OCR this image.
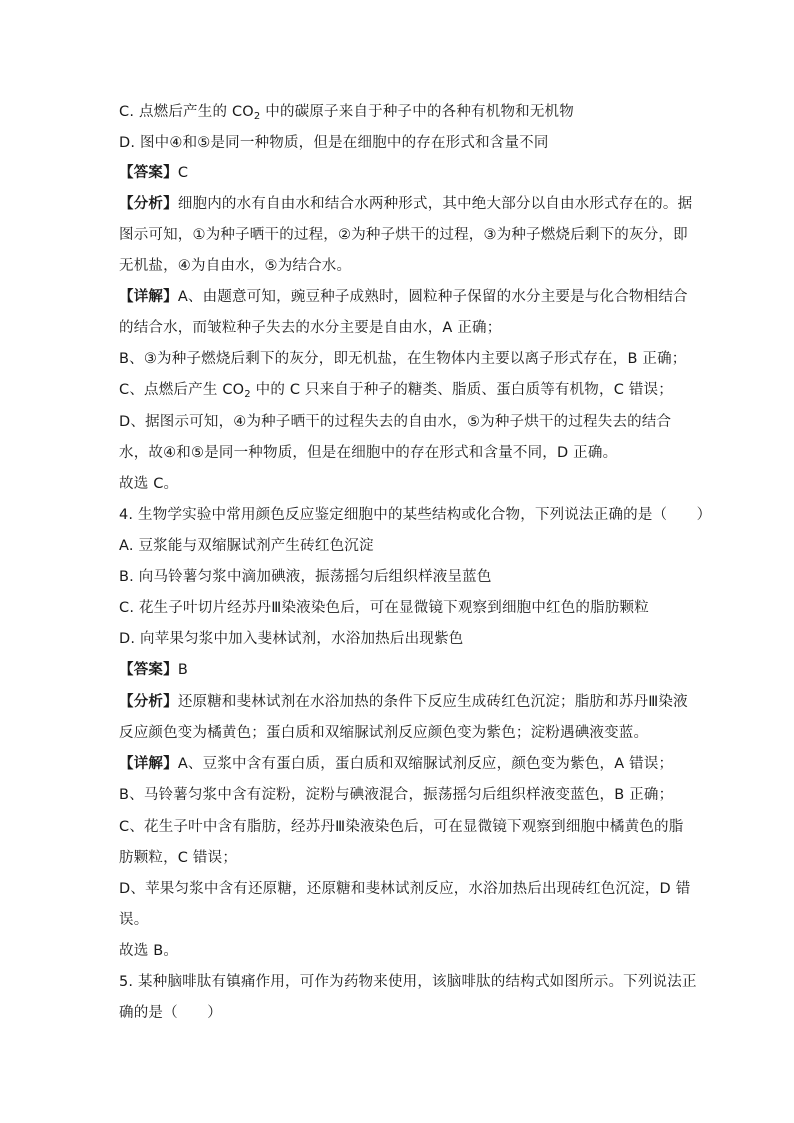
C. 点燃后产生的 $CO_2$ 中的碳原子来自于种子中的各种有机物和无机物
D. 图中④和⑤是同一种物质，但是在细胞中的存在形式和含量不同
【答案】C
【分析】细胞内的水有自由水和结合水两种形式，其中绝大部分以自由水形式存在的。据
图示可知，①为种子晒干的过程，②为种子烘干的过程，③为种子燃烧后剩下的灰分，即
无机盐，④为自由水，⑤为结合水。
【详解】A、由题意可知，豌豆种子成熟时，圆粒种子保留的水分主要是与化合物相结合
的结合水，而皱粒种子失去的水分主要是自由水，A 正确；
B、③为种子燃烧后剩下的灰分，即无机盐，在生物体内主要以离子形式存在，B 正确；
C、点燃后产生 $CO_2$ 中的 C 只来自于种子的糖类、脂质、蛋白质等有机物，C 错误；
D、据图示可知，④为种子晒干的过程失去的自由水，⑤为种子烘干的过程失去的结合
水，故④和⑤是同一种物质，但是在细胞中的存在形式和含量不同，D 正确。
故选 C。
4. 生物学实验中常用颜色反应鉴定细胞中的某些结构或化合物，下列说法正确的是（　　）
A. 豆浆能与双缩脲试剂产生砖红色沉淀
B. 向马铃薯匀浆中滴加碘液，振荡摇匀后组织样液呈蓝色
C. 花生子叶切片经苏丹Ⅲ染液染色后，可在显微镜下观察到细胞中红色的脂肪颗粒
D. 向苹果匀浆中加入斐林试剂，水浴加热后出现紫色
【答案】B
【分析】还原糖和斐林试剂在水浴加热的条件下反应生成砖红色沉淀；脂肪和苏丹Ⅲ染液
反应颜色变为橘黄色；蛋白质和双缩脲试剂反应颜色变为紫色；淀粉遇碘液变蓝。
【详解】A、豆浆中含有蛋白质，蛋白质和双缩脲试剂反应，颜色变为紫色，A 错误；
B、马铃薯匀浆中含有淀粉，淀粉与碘液混合，振荡摇匀后组织样液变蓝色，B 正确；
C、花生子叶中含有脂肪，经苏丹Ⅲ染液染色后，可在显微镜下观察到细胞中橘黄色的脂
肪颗粒，C 错误；
D、苹果匀浆中含有还原糖，还原糖和斐林试剂反应，水浴加热后出现砖红色沉淀，D 错
误。
故选 B。
5. 某种脑啡肽有镇痛作用，可作为药物来使用，该脑啡肽的结构式如图所示。下列说法正
确的是（　　）
